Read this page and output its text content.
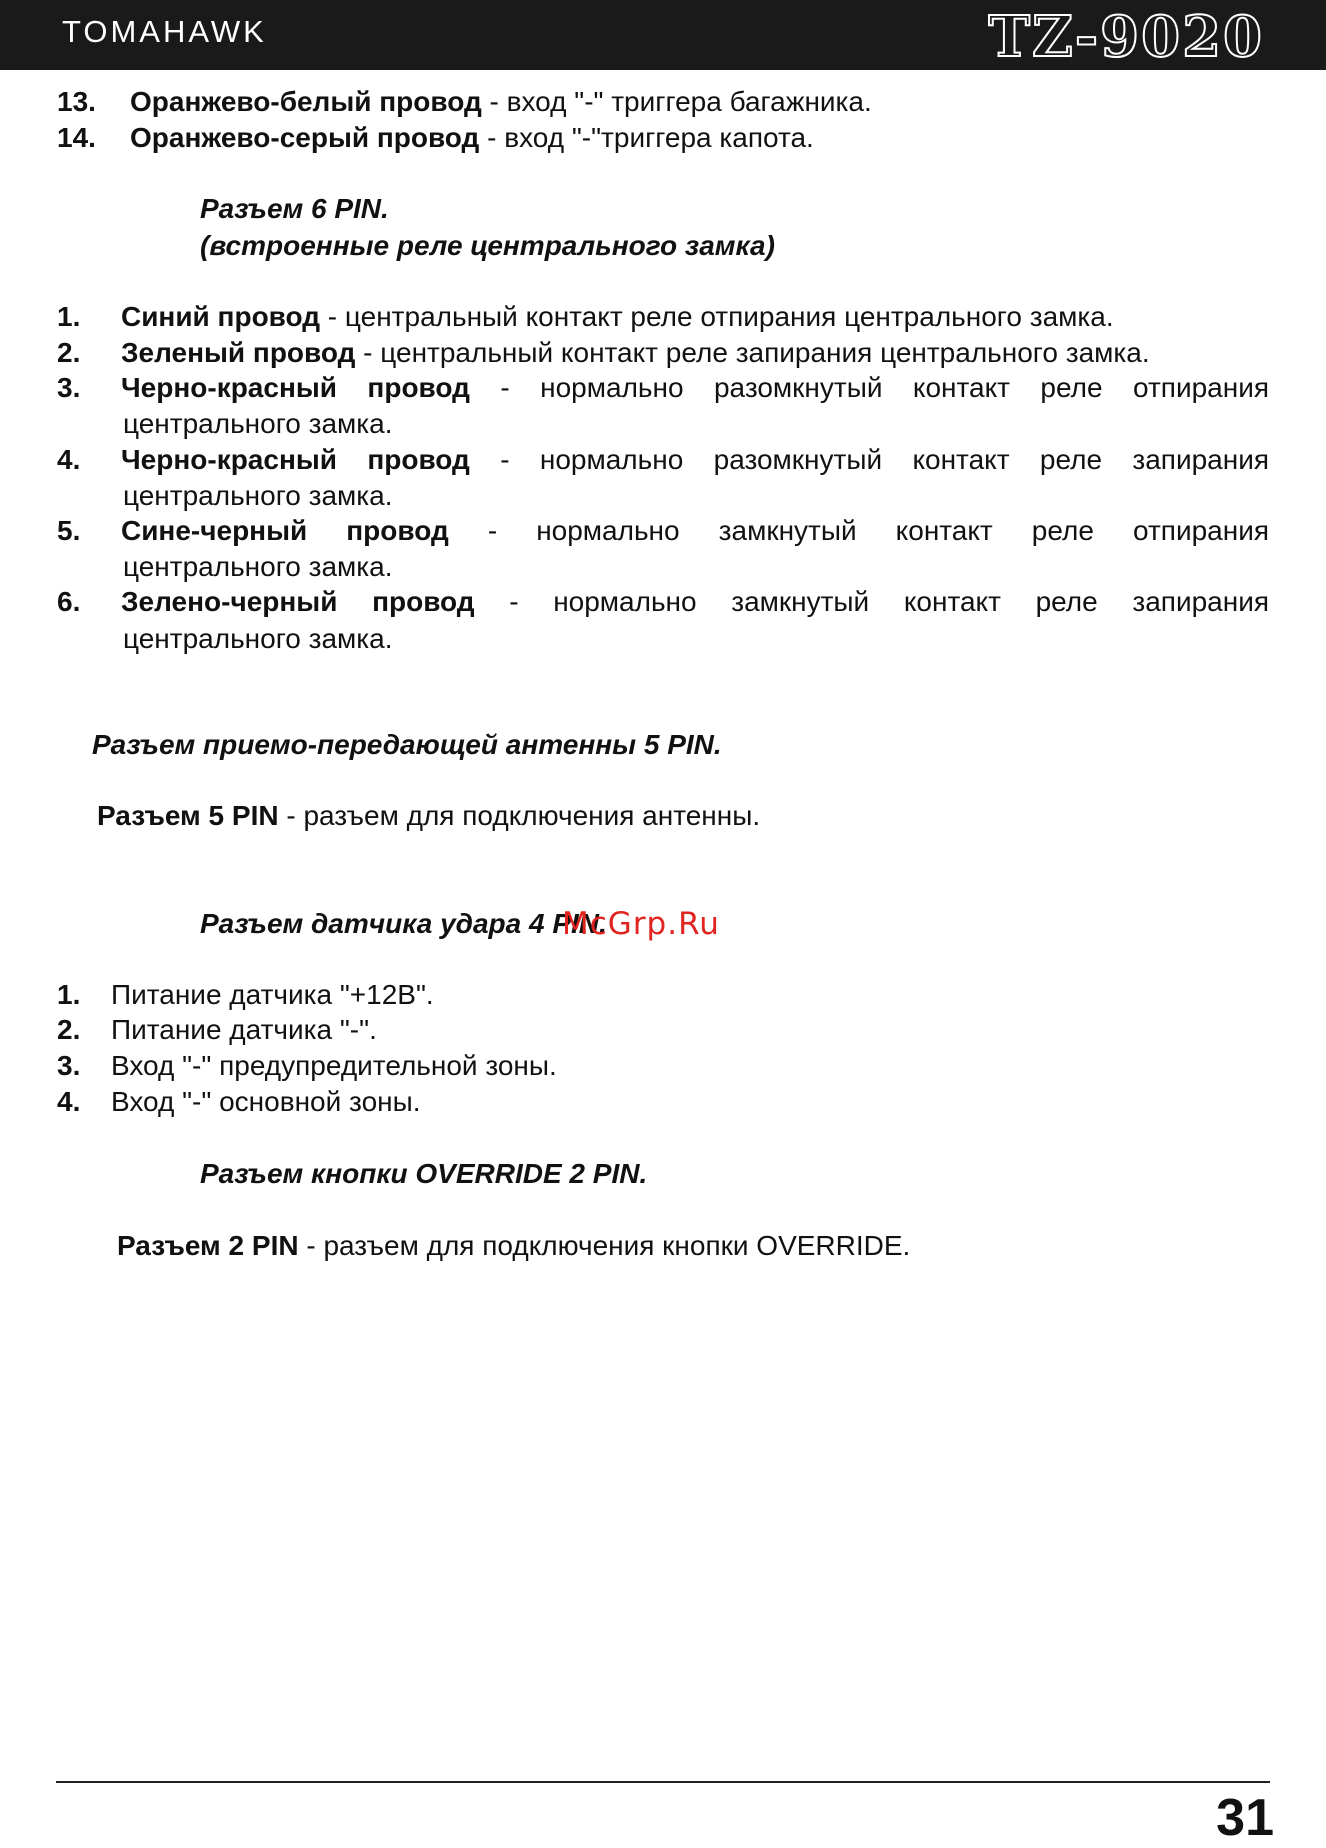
TOMAHAWK	TZ-9020
13. Оранжево-белый провод - вход "-" триггера багажника.
14. Оранжево-серый провод - вход "-"триггера капота.
Разъем 6 PIN.
(встроенные реле центрального замка)
1. Синий провод - центральный контакт реле отпирания центрального замка.
2. Зеленый провод - центральный контакт реле запирания центрального замка.
3. Черно-красный провод - нормально разомкнутый контакт реле отпирания
центрального замка.
4. Черно-красный провод - нормально разомкнутый контакт реле запирания
центрального замка.
5. Сине-черный провод - нормально замкнутый контакт реле отпирания
центрального замка.
6. Зелено-черный провод - нормально замкнутый контакт реле запирания
центрального замка.
Разъем приемо-передающей антенны 5 PIN.
Разъем 5 PIN - разъем для подключения антенны.
Разъем датчика удара 4 PIN.
McGrp.Ru
1. Питание датчика "+12В".
2. Питание датчика "-".
3. Вход "-" предупредительной зоны.
4. Вход "-" основной зоны.
Разъем кнопки OVERRIDE 2 PIN.
Разъем 2 PIN - разъем для подключения кнопки OVERRIDE.
31
